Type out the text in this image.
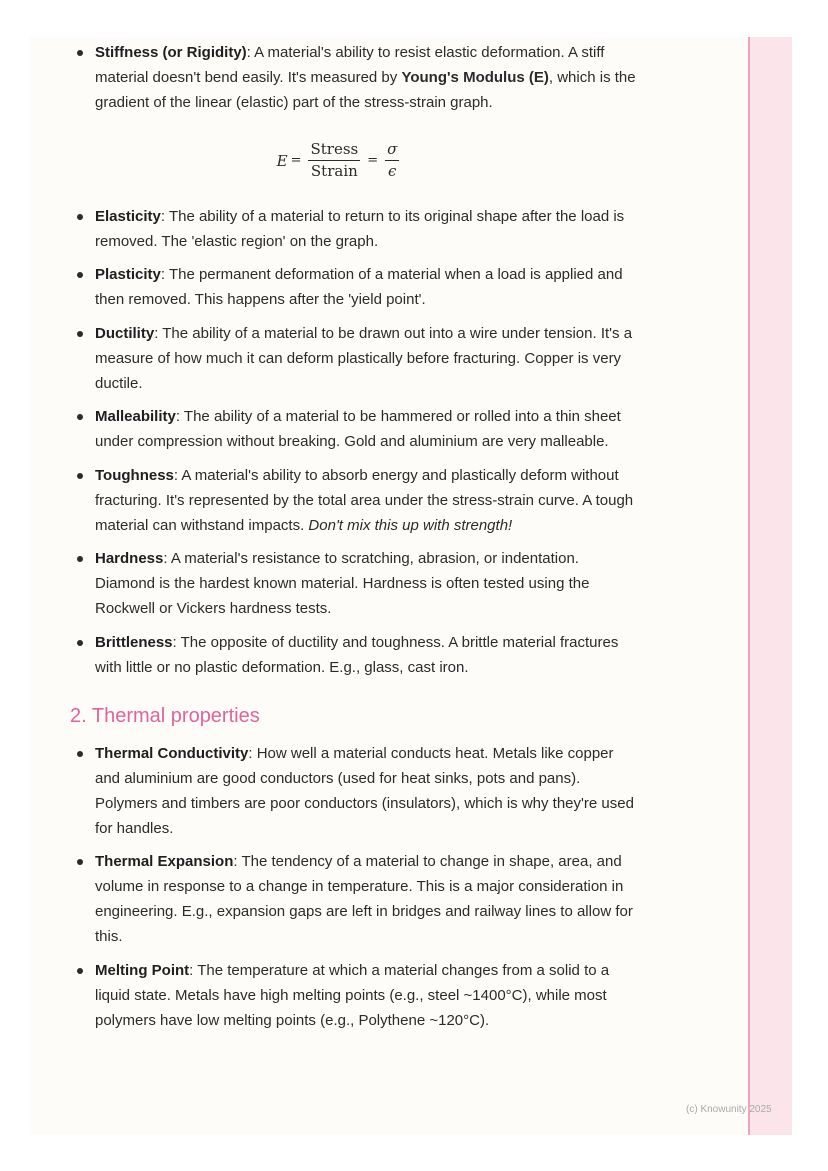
Stiffness (or Rigidity): A material's ability to resist elastic deformation. A stiff material doesn't bend easily. It's measured by Young's Modulus (E), which is the gradient of the linear (elastic) part of the stress-strain graph.
$E = \frac{\text{Stress}}{\text{Strain}} = \frac{\sigma}{\epsilon}$
Elasticity: The ability of a material to return to its original shape after the load is removed. The 'elastic region' on the graph.
Plasticity: The permanent deformation of a material when a load is applied and then removed. This happens after the 'yield point'.
Ductility: The ability of a material to be drawn out into a wire under tension. It's a measure of how much it can deform plastically before fracturing. Copper is very ductile.
Malleability: The ability of a material to be hammered or rolled into a thin sheet under compression without breaking. Gold and aluminium are very malleable.
Toughness: A material's ability to absorb energy and plastically deform without fracturing. It's represented by the total area under the stress-strain curve. A tough material can withstand impacts. Don't mix this up with strength!
Hardness: A material's resistance to scratching, abrasion, or indentation. Diamond is the hardest known material. Hardness is often tested using the Rockwell or Vickers hardness tests.
Brittleness: The opposite of ductility and toughness. A brittle material fractures with little or no plastic deformation. E.g., glass, cast iron.
2. Thermal properties
Thermal Conductivity: How well a material conducts heat. Metals like copper and aluminium are good conductors (used for heat sinks, pots and pans). Polymers and timbers are poor conductors (insulators), which is why they're used for handles.
Thermal Expansion: The tendency of a material to change in shape, area, and volume in response to a change in temperature. This is a major consideration in engineering. E.g., expansion gaps are left in bridges and railway lines to allow for this.
Melting Point: The temperature at which a material changes from a solid to a liquid state. Metals have high melting points (e.g., steel ~1400°C), while most polymers have low melting points (e.g., Polythene ~120°C).
(c) Knowunity 2025
